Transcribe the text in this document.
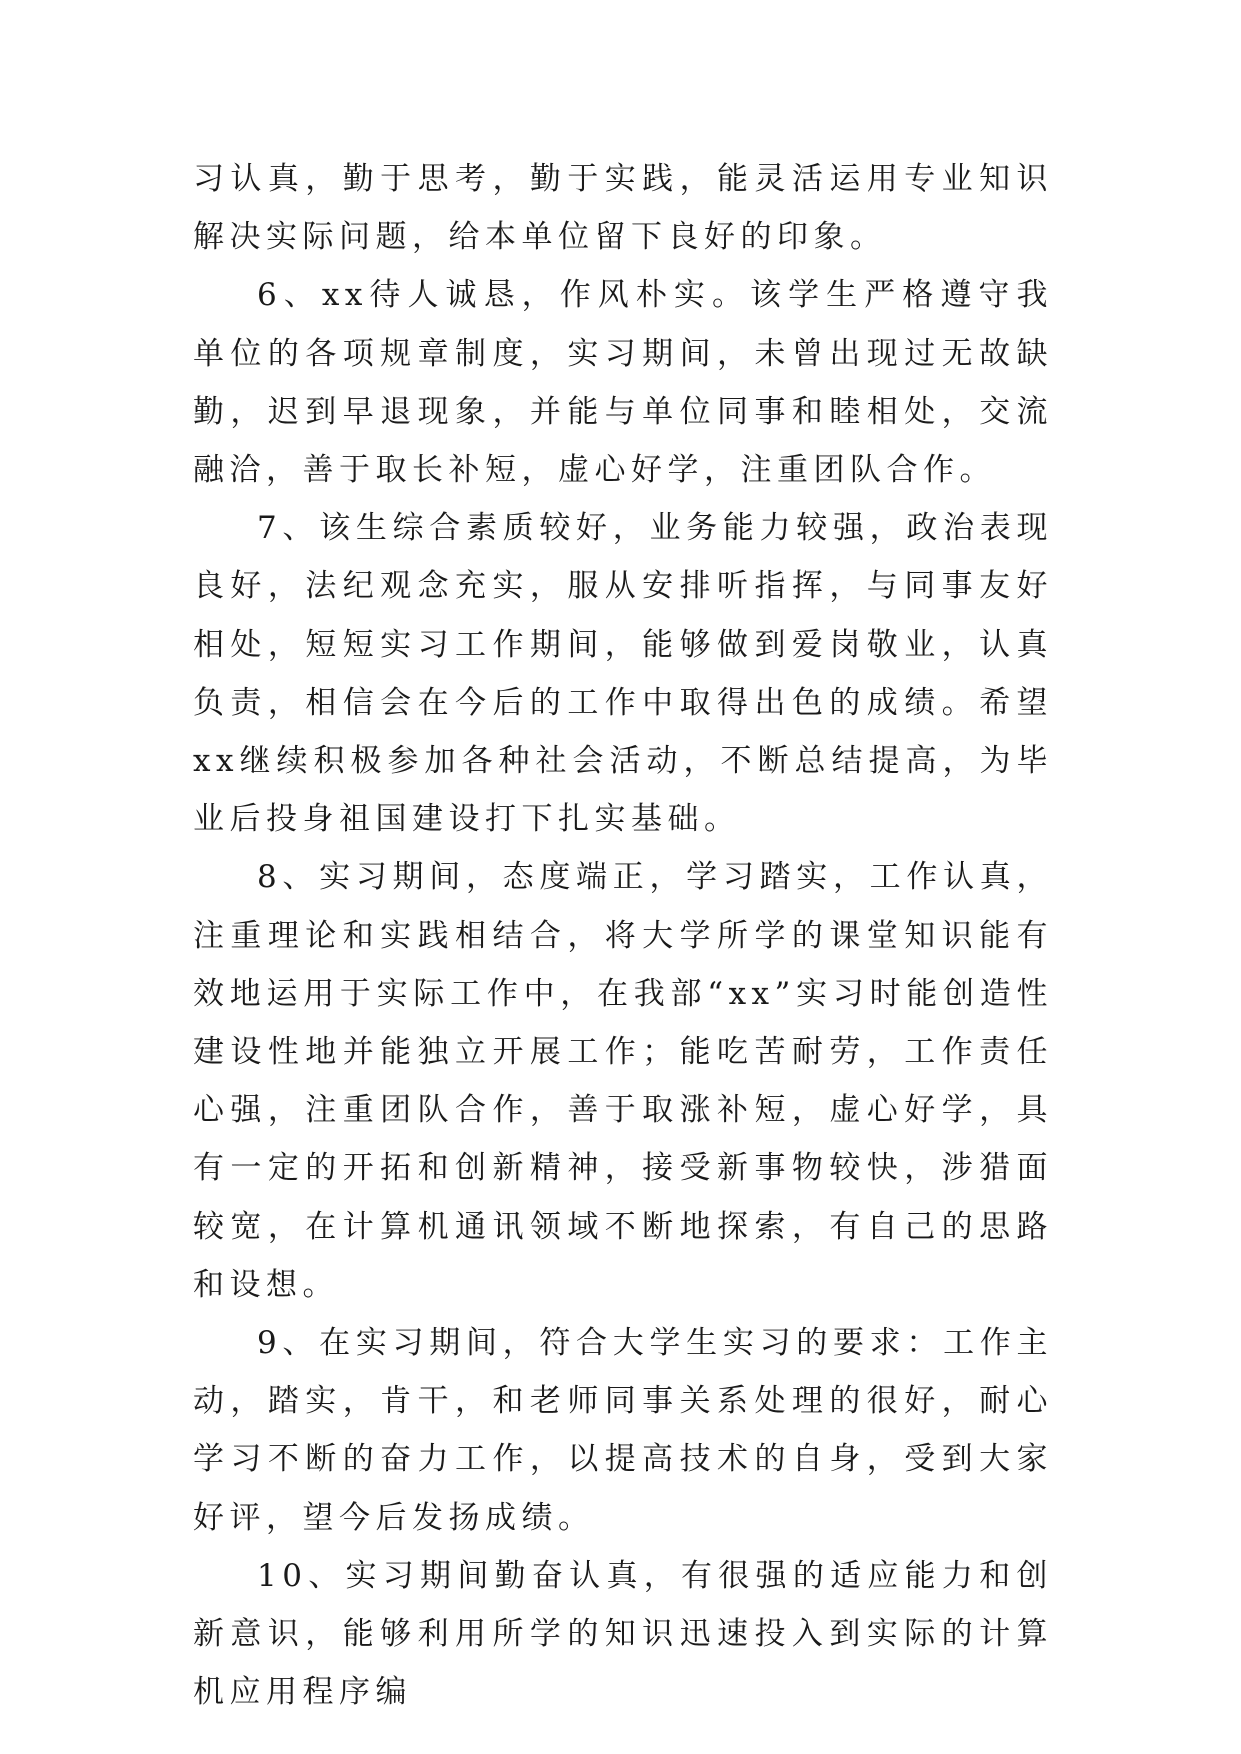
习认真，勤于思考，勤于实践，能灵活运用专业知识解决实际问题，给本单位留下良好的印象。

6、xx待人诚恳，作风朴实。该学生严格遵守我单位的各项规章制度，实习期间，未曾出现过无故缺勤，迟到早退现象，并能与单位同事和睦相处，交流融洽，善于取长补短，虚心好学，注重团队合作。

7、该生综合素质较好，业务能力较强，政治表现良好，法纪观念充实，服从安排听指挥，与同事友好相处，短短实习工作期间，能够做到爱岗敬业，认真负责，相信会在今后的工作中取得出色的成绩。希望xx继续积极参加各种社会活动，不断总结提高，为毕业后投身祖国建设打下扎实基础。

8、实习期间，态度端正，学习踏实，工作认真，注重理论和实践相结合，将大学所学的课堂知识能有效地运用于实际工作中，在我部“xx”实习时能创造性建设性地并能独立开展工作；能吃苦耐劳，工作责任心强，注重团队合作，善于取涨补短，虚心好学，具有一定的开拓和创新精神，接受新事物较快，涉猎面较宽，在计算机通讯领域不断地探索，有自己的思路和设想。

9、在实习期间，符合大学生实习的要求：工作主动，踏实，肯干，和老师同事关系处理的很好，耐心学习不断的奋力工作，以提高技术的自身，受到大家好评，望今后发扬成绩。

10、实习期间勤奋认真，有很强的适应能力和创新意识，能够利用所学的知识迅速投入到实际的计算机应用程序编
